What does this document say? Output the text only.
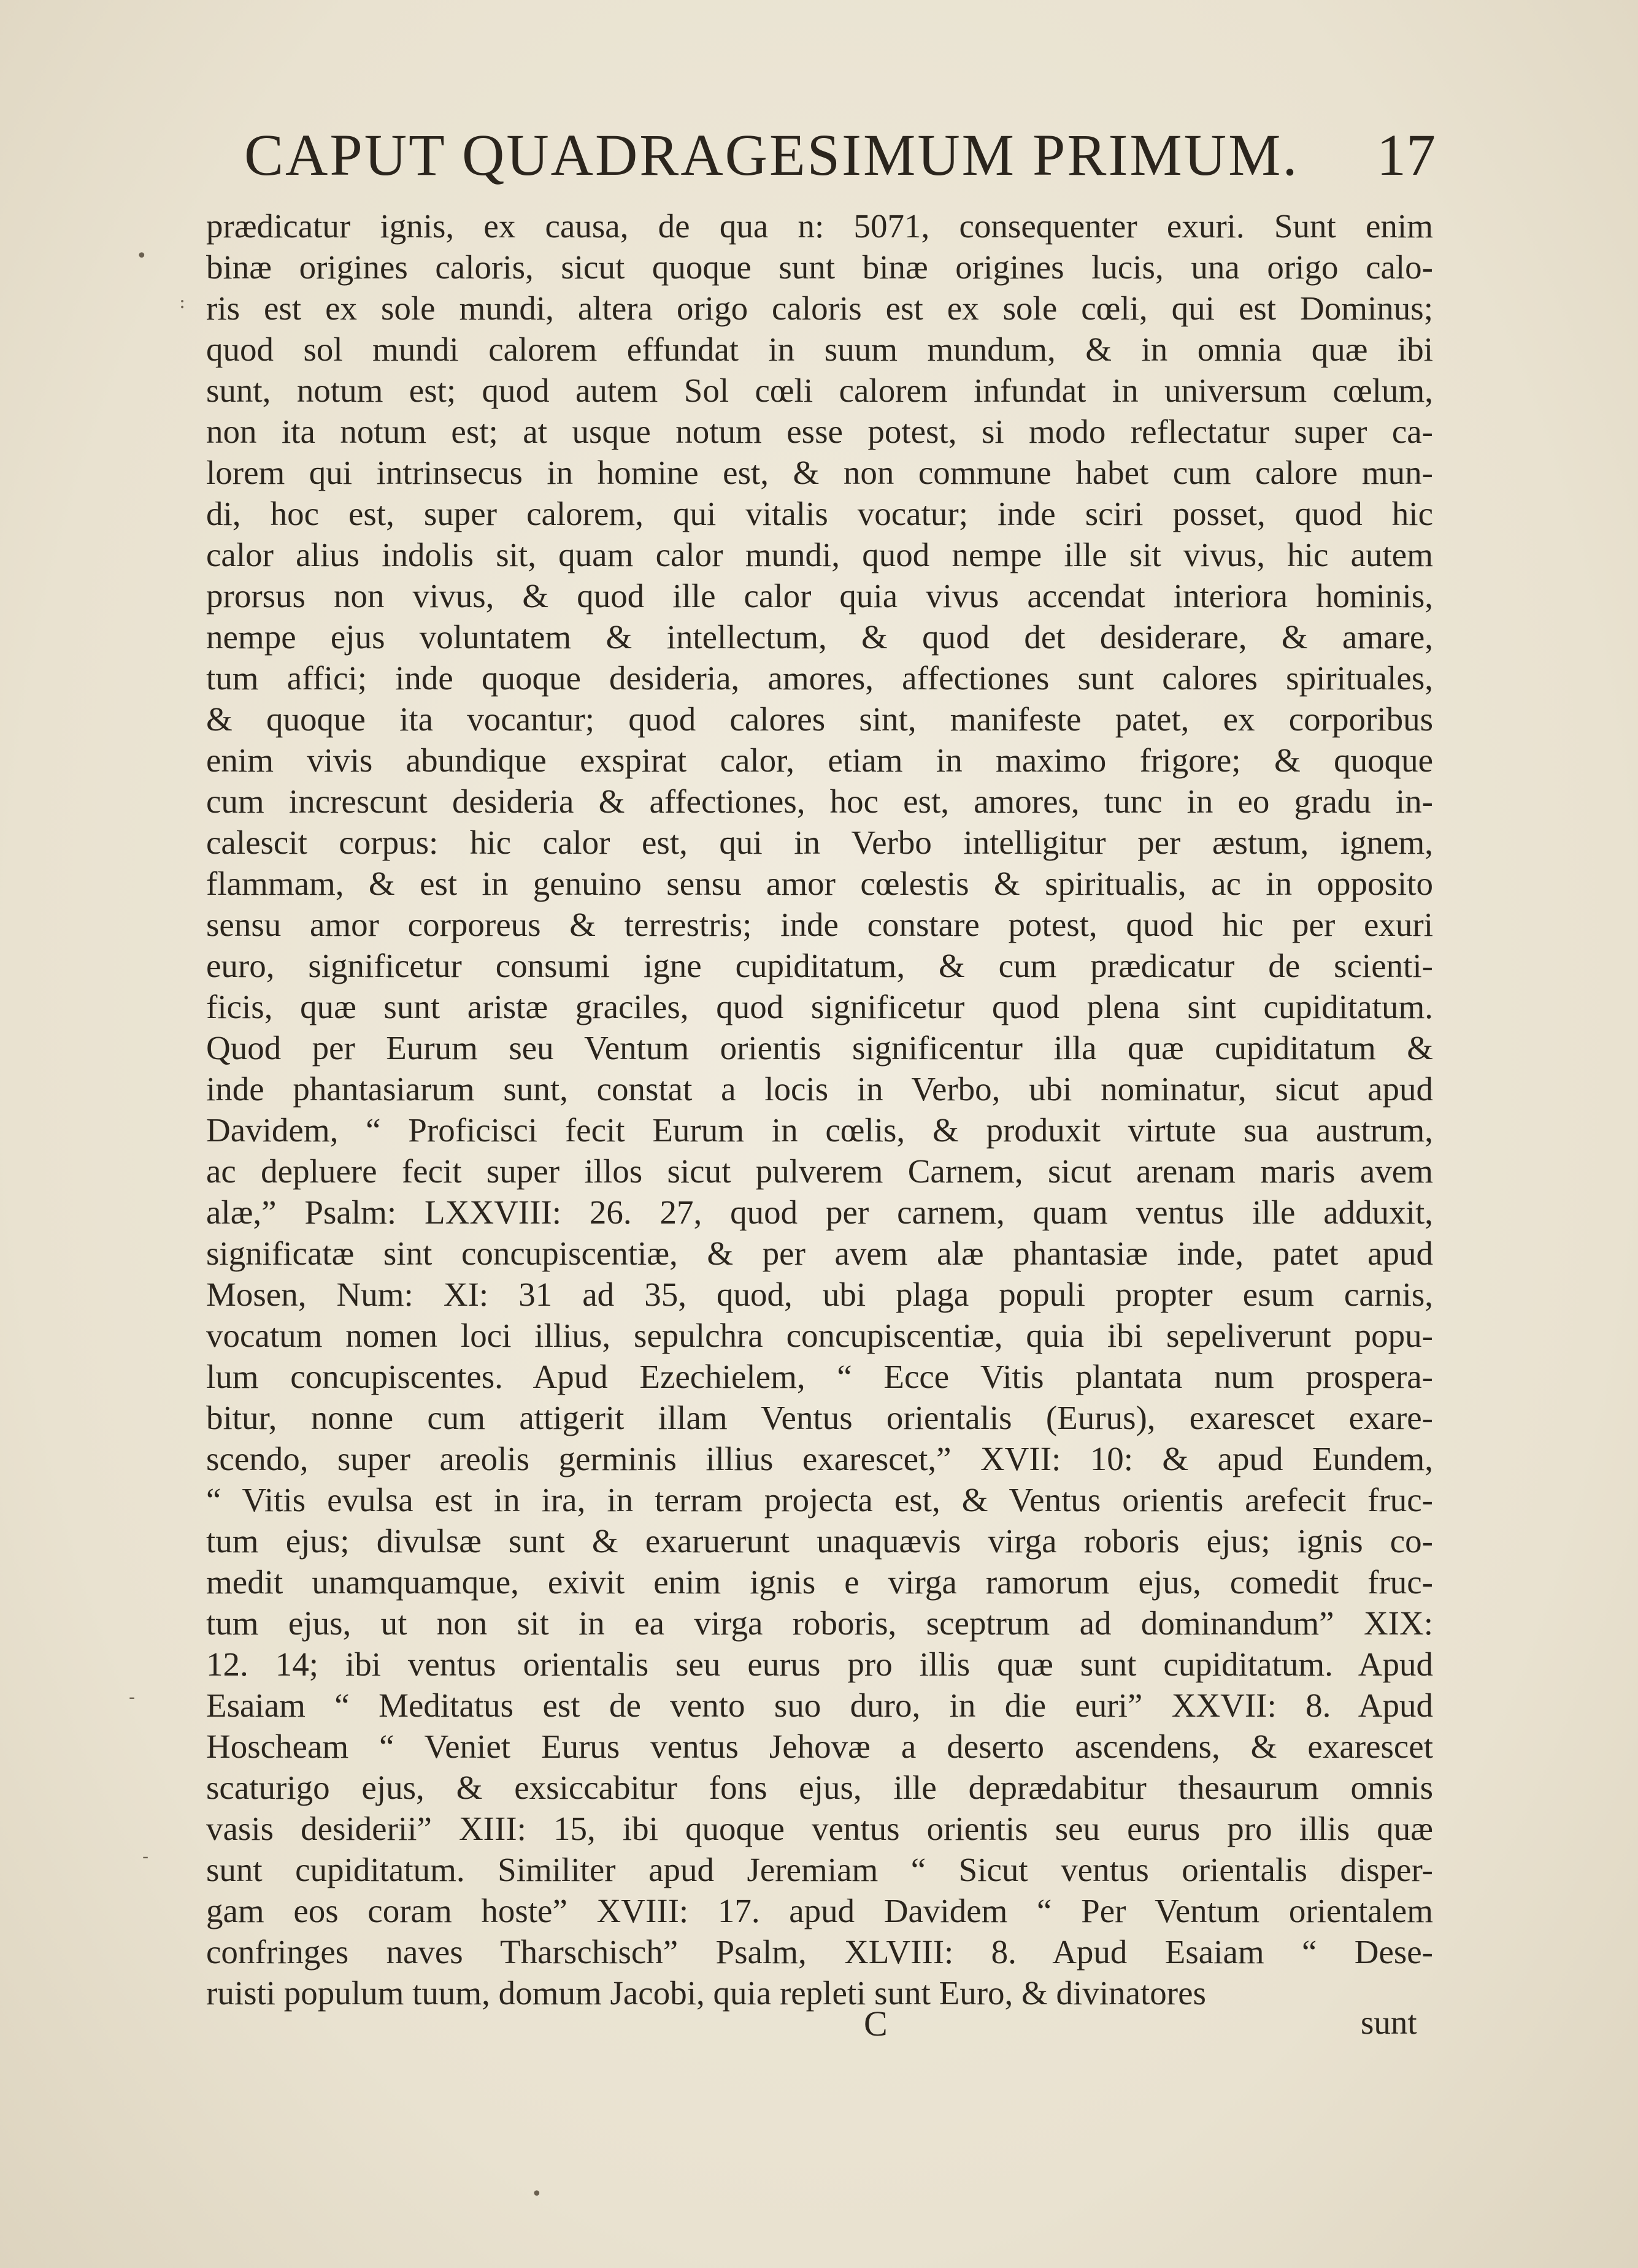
CAPUT QUADRAGESIMUM PRIMUM. 17
prædicatur ignis, ex causa, de qua n: 5071, consequenter exuri. Sunt enim
binæ origines caloris, sicut quoque sunt binæ origines lucis, una origo calo-
ris est ex sole mundi, altera origo caloris est ex sole cœli, qui est Dominus;
quod sol mundi calorem effundat in suum mundum, & in omnia quæ ibi
sunt, notum est; quod autem Sol cœli calorem infundat in universum cœlum,
non ita notum est; at usque notum esse potest, si modo reflectatur super ca-
lorem qui intrinsecus in homine est, & non commune habet cum calore mun-
di, hoc est, super calorem, qui vitalis vocatur; inde sciri posset, quod hic
calor alius indolis sit, quam calor mundi, quod nempe ille sit vivus, hic autem
prorsus non vivus, & quod ille calor quia vivus accendat interiora hominis,
nempe ejus voluntatem & intellectum, & quod det desiderare, & amare,
tum affici; inde quoque desideria, amores, affectiones sunt calores spirituales,
& quoque ita vocantur; quod calores sint, manifeste patet, ex corporibus
enim vivis abundique exspirat calor, etiam in maximo frigore; & quoque
cum increscunt desideria & affectiones, hoc est, amores, tunc in eo gradu in-
calescit corpus: hic calor est, qui in Verbo intelligitur per æstum, ignem,
flammam, & est in genuino sensu amor cœlestis & spiritualis, ac in opposito
sensu amor corporeus & terrestris; inde constare potest, quod hic per exuri
euro, significetur consumi igne cupiditatum, & cum prædicatur de scienti-
ficis, quæ sunt aristæ graciles, quod significetur quod plena sint cupiditatum.
Quod per Eurum seu Ventum orientis significentur illa quæ cupiditatum &
inde phantasiarum sunt, constat a locis in Verbo, ubi nominatur, sicut apud
Davidem, “ Proficisci fecit Eurum in cœlis, & produxit virtute sua austrum,
ac depluere fecit super illos sicut pulverem Carnem, sicut arenam maris avem
alæ,” Psalm: LXXVIII: 26. 27, quod per carnem, quam ventus ille adduxit,
significatæ sint concupiscentiæ, & per avem alæ phantasiæ inde, patet apud
Mosen, Num: XI: 31 ad 35, quod, ubi plaga populi propter esum carnis,
vocatum nomen loci illius, sepulchra concupiscentiæ, quia ibi sepeliverunt popu-
lum concupiscentes. Apud Ezechielem, “ Ecce Vitis plantata num prosperа-
bitur, nonne cum attigerit illam Ventus orientalis (Eurus), exarescet exare-
scendo, super areolis germinis illius exarescet,” XVII: 10: & apud Eundem,
“ Vitis evulsa est in ira, in terram projecta est, & Ventus orientis arefecit fruc-
tum ejus; divulsæ sunt & exaruerunt unaquævis virga roboris ejus; ignis co-
medit unamquamque, exivit enim ignis e virga ramorum ejus, comedit fruc-
tum ejus, ut non sit in ea virga roboris, sceptrum ad dominandum” XIX:
12. 14; ibi ventus orientalis seu eurus pro illis quæ sunt cupiditatum. Apud
Esaiam “ Meditatus est de vento suo duro, in die euri” XXVII: 8. Apud
Hoscheam “ Veniet Eurus ventus Jehovæ a deserto ascendens, & exarescet
scaturigo ejus, & exsiccabitur fons ejus, ille deprædabitur thesaurum omnis
vasis desiderii” XIII: 15, ibi quoque ventus orientis seu eurus pro illis quæ
sunt cupiditatum. Similiter apud Jeremiam “ Sicut ventus orientalis disper-
gam eos coram hoste” XVIII: 17. apud Davidem “ Per Ventum orientalem
confringes naves Tharschisch” Psalm, XLVIII: 8. Apud Esaiam “ Dese-
ruisti populum tuum, domum Jacobi, quia repleti sunt Euro, & divinatores
C	sunt
•
:
-
-
•
